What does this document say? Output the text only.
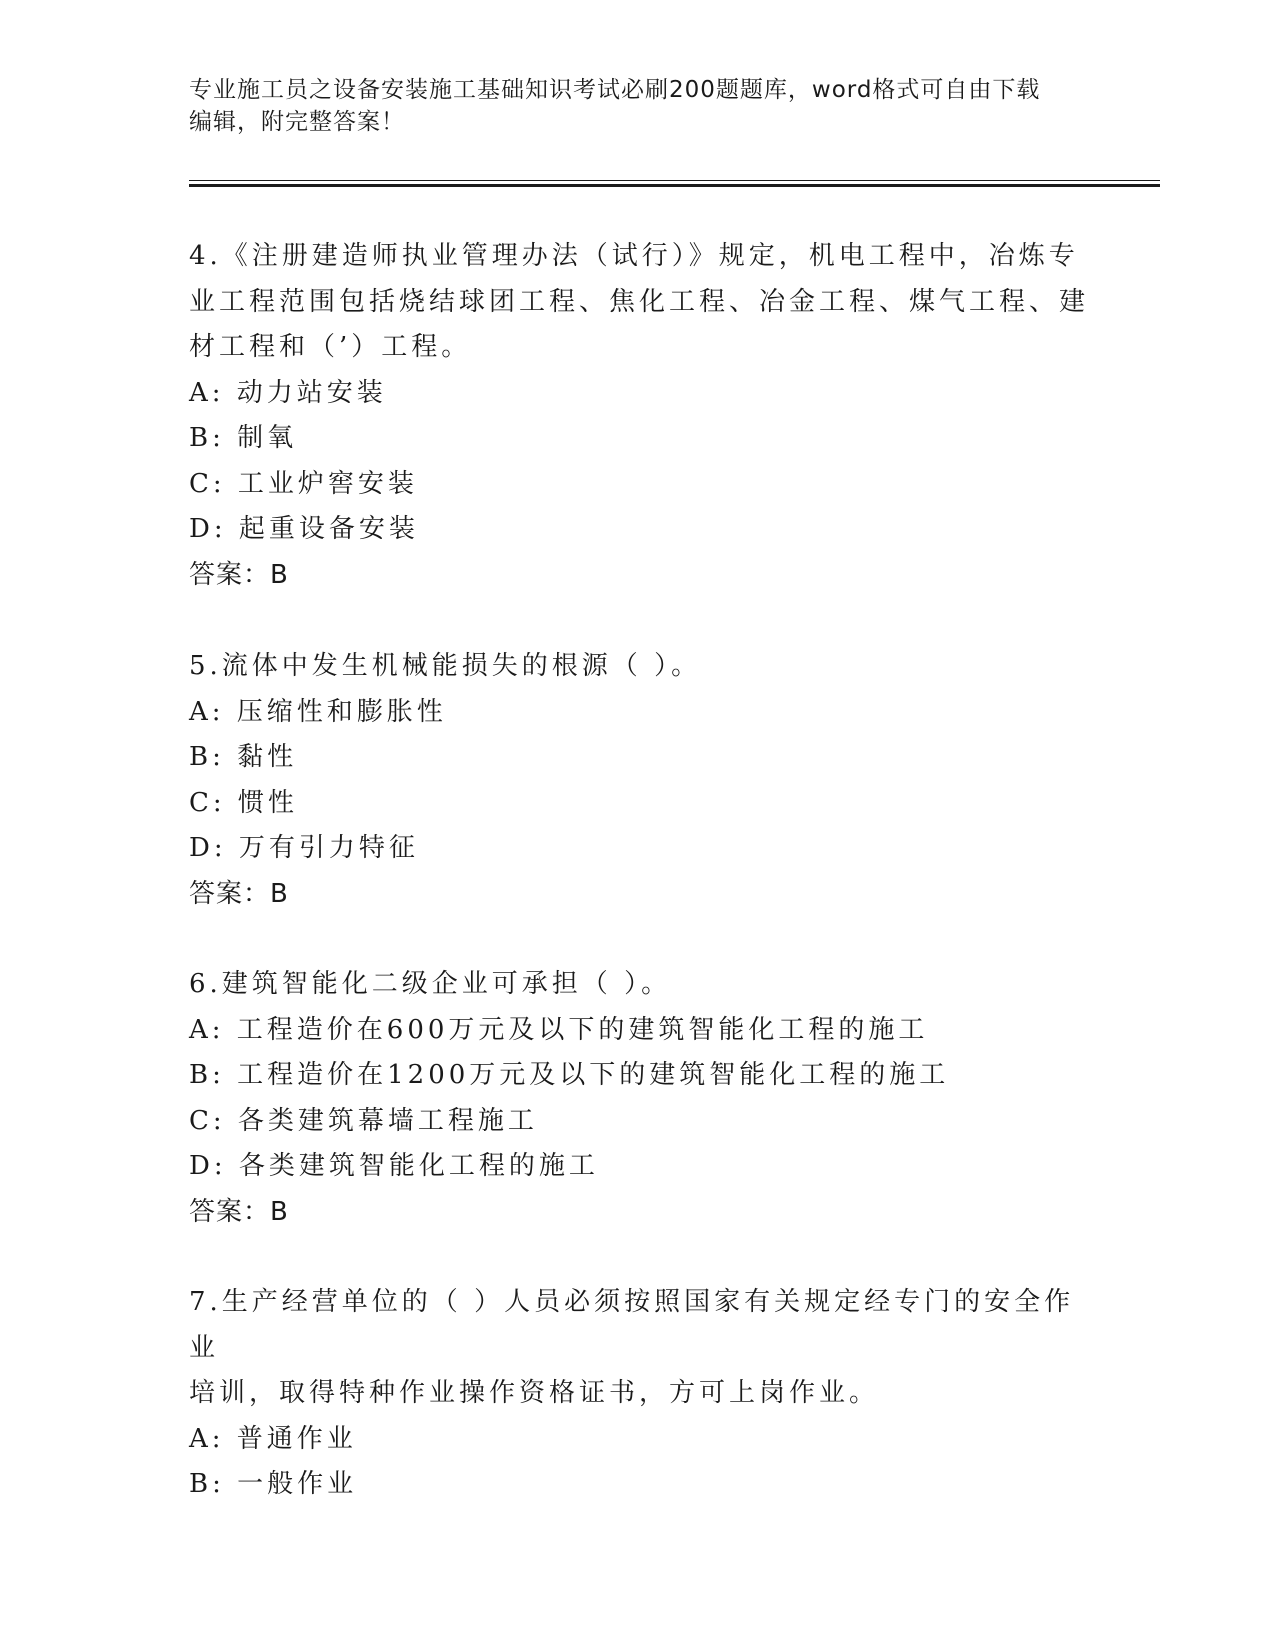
专业施工员之设备安装施工基础知识考试必刷200题题库，word格式可自由下载
编辑，附完整答案！

4.《注册建造师执业管理办法（试行）》规定，机电工程中，冶炼专

业工程范围包括烧结球团工程、焦化工程、冶金工程、煤气工程、建

材工程和（’）工程。

A: 动力站安装

B: 制氧

C: 工业炉窖安装

D: 起重设备安装

答案：B

5.流体中发生机械能损失的根源（ ）。

A: 压缩性和膨胀性

B: 黏性

C: 惯性

D: 万有引力特征

答案：B

6.建筑智能化二级企业可承担（ ）。

A: 工程造价在600万元及以下的建筑智能化工程的施工

B: 工程造价在1200万元及以下的建筑智能化工程的施工

C: 各类建筑幕墙工程施工

D: 各类建筑智能化工程的施工

答案：B

7.生产经营单位的（ ）人员必须按照国家有关规定经专门的安全作业

培训，取得特种作业操作资格证书，方可上岗作业。

A: 普通作业

B: 一般作业
